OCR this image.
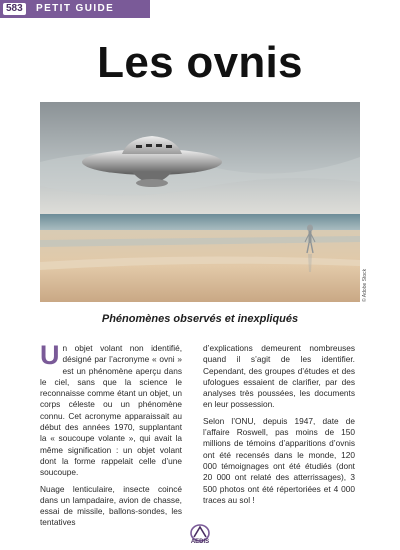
583	PETIT GUIDE
Les ovnis
© Adobe Stock
Phénomènes observés et inexpliqués

Un objet volant non identifié, désigné par l’acronyme « ovni » est un phénomène aperçu dans le ciel, sans que la science le reconnaisse comme étant un objet, un corps céleste ou un phénomène connu. Cet acronyme apparaissait au début des années 1970, supplantant la « soucoupe volante », qui avait la même signification : un objet volant dont la forme rappelait celle d’une soucoupe.

Nuage lenticulaire, insecte coincé dans un lampadaire, avion de chasse, essai de missile, ballons-sondes, les tentatives

d’explications demeurent nombreuses quand il s’agit de les identifier. Cependant, des groupes d’études et des ufologues essaient de clarifier, par des analyses très poussées, les documents en leur possession.

Selon l’ONU, depuis 1947, date de l’affaire Roswell, pas moins de 150 millions de témoins d’apparitions d’ovnis ont été recensés dans le monde, 120 000 témoignages ont été étudiés (dont 20 000 ont relaté des atterrissages), 3 500 photos ont été répertoriées et 4 000 traces au sol !

AEDIS
